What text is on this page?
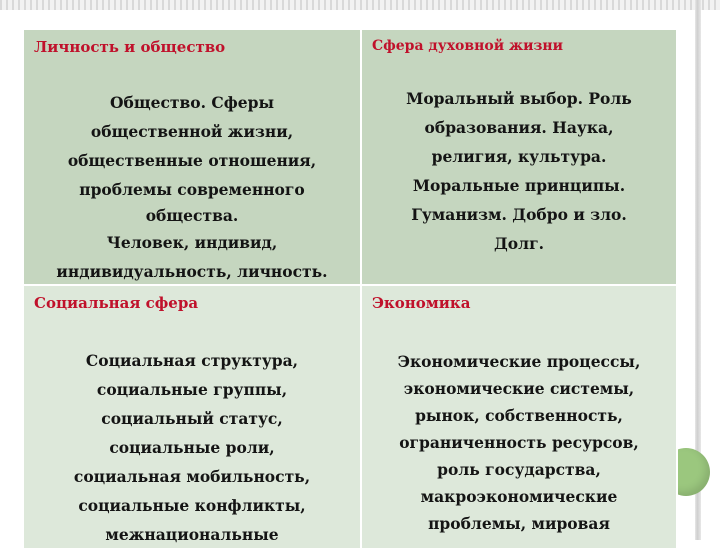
Личность и общество
Общество. Сферы
общественной жизни,
общественные отношения,
проблемы современного
общества.
Человек, индивид,
индивидуальность, личность.
Сфера духовной жизни
Моральный выбор. Роль
образования. Наука,
религия, культура.
Моральные принципы.
Гуманизм. Добро и зло.
Долг.
Социальная сфера
Социальная структура,
социальные группы,
социальный статус,
социальные роли,
социальная мобильность,
социальные конфликты,
межнациональные
Экономика
Экономические процессы,
экономические системы,
рынок, собственность,
ограниченность ресурсов,
роль государства,
макроэкономические
проблемы, мировая
